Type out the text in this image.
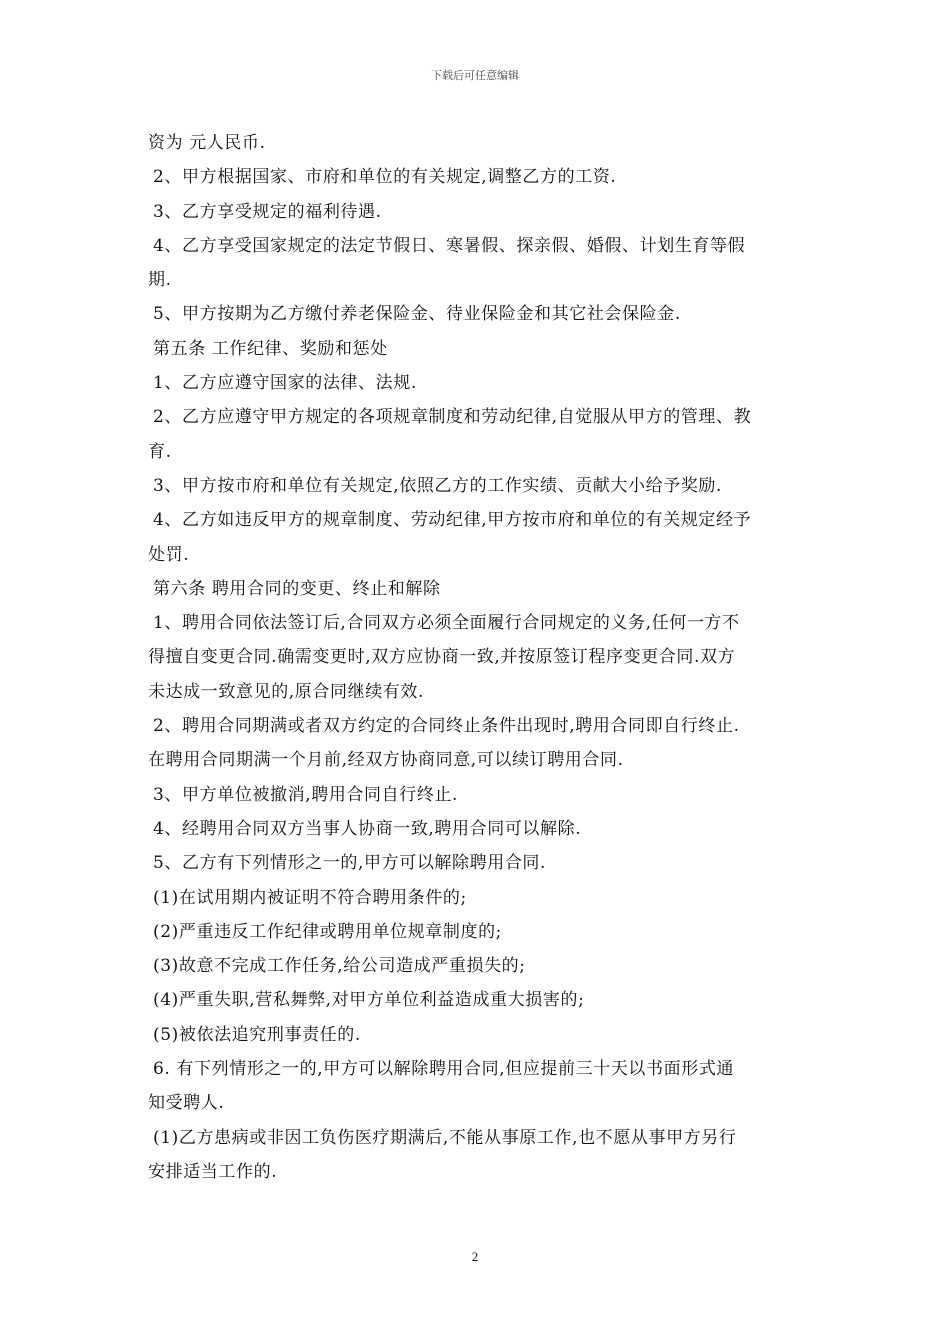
下载后可任意编辑
资为 元人民币.
2、甲方根据国家、市府和单位的有关规定,调整乙方的工资.
3、乙方享受规定的福利待遇.
4、乙方享受国家规定的法定节假日、寒暑假、探亲假、婚假、计划生育等假
期.
5、甲方按期为乙方缴付养老保险金、待业保险金和其它社会保险金.
第五条 工作纪律、奖励和惩处
1、乙方应遵守国家的法律、法规.
2、乙方应遵守甲方规定的各项规章制度和劳动纪律,自觉服从甲方的管理、教
育.
3、甲方按市府和单位有关规定,依照乙方的工作实绩、贡献大小给予奖励.
4、乙方如违反甲方的规章制度、劳动纪律,甲方按市府和单位的有关规定经予
处罚.
第六条 聘用合同的变更、终止和解除
1、聘用合同依法签订后,合同双方必须全面履行合同规定的义务,任何一方不
得擅自变更合同.确需变更时,双方应协商一致,并按原签订程序变更合同.双方
未达成一致意见的,原合同继续有效.
2、聘用合同期满或者双方约定的合同终止条件出现时,聘用合同即自行终止.
在聘用合同期满一个月前,经双方协商同意,可以续订聘用合同.
3、甲方单位被撤消,聘用合同自行终止.
4、经聘用合同双方当事人协商一致,聘用合同可以解除.
5、乙方有下列情形之一的,甲方可以解除聘用合同.
(1)在试用期内被证明不符合聘用条件的;
(2)严重违反工作纪律或聘用单位规章制度的;
(3)故意不完成工作任务,给公司造成严重损失的;
(4)严重失职,营私舞弊,对甲方单位利益造成重大损害的;
(5)被依法追究刑事责任的.
6. 有下列情形之一的,甲方可以解除聘用合同,但应提前三十天以书面形式通
知受聘人.
(1)乙方患病或非因工负伤医疗期满后,不能从事原工作,也不愿从事甲方另行
安排适当工作的.
2
